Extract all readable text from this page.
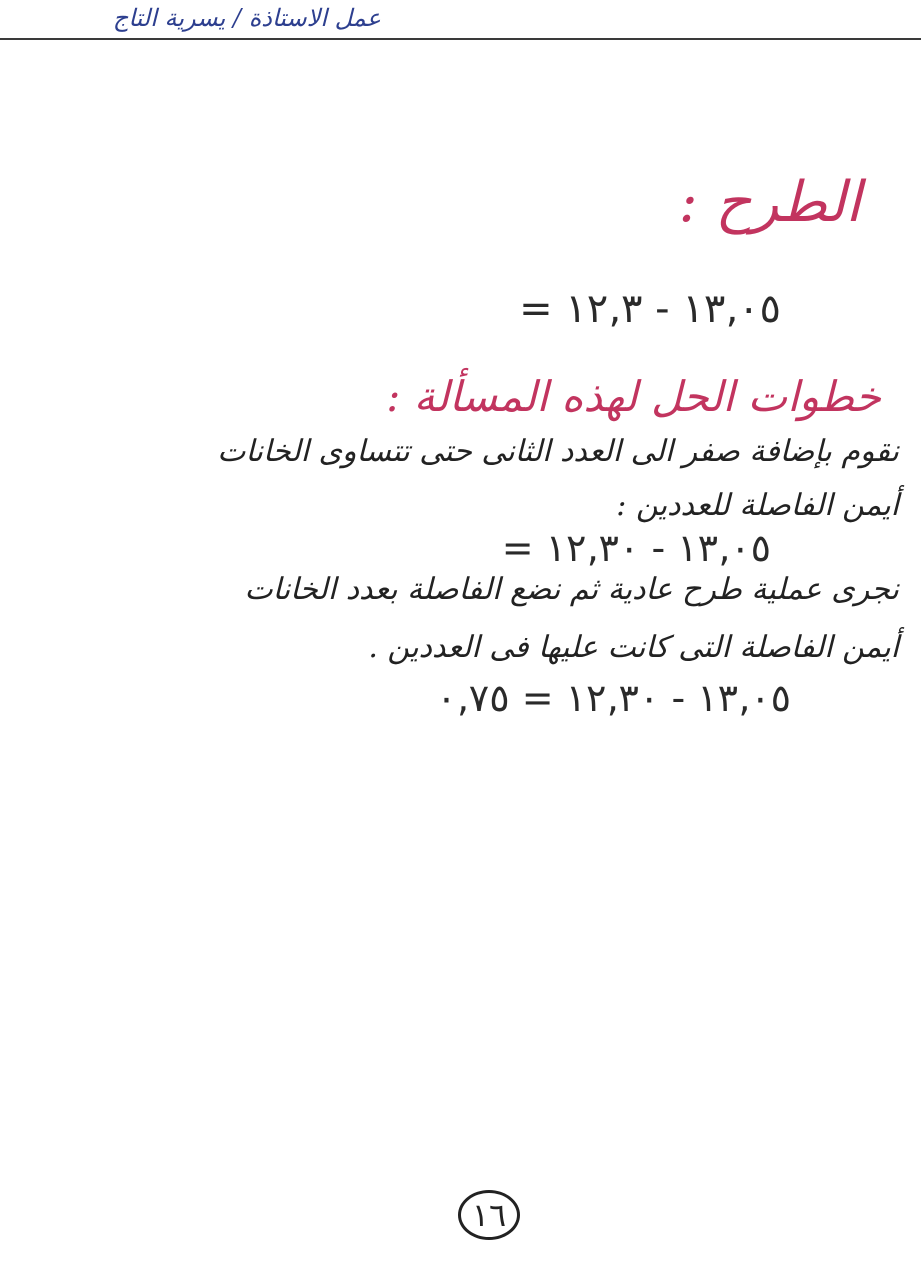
عمل الاستاذة / يسرية التاج
الطرح :
٠٥‚١٣ - ٣‚١٢ =
خطوات الحل لهذه المسألة :
نقوم بإضافة صفر الى العدد الثانى حتى تتساوى الخانات
أيمن الفاصلة للعددين :
٠٥‚١٣ - ٣٠‚١٢ =
نجرى عملية طرح عادية ثم نضع الفاصلة بعدد الخانات
أيمن الفاصلة التى كانت عليها فى العددين .
٠٥‚١٣ - ٣٠‚١٢ = ٧٥‚٠
١٦
